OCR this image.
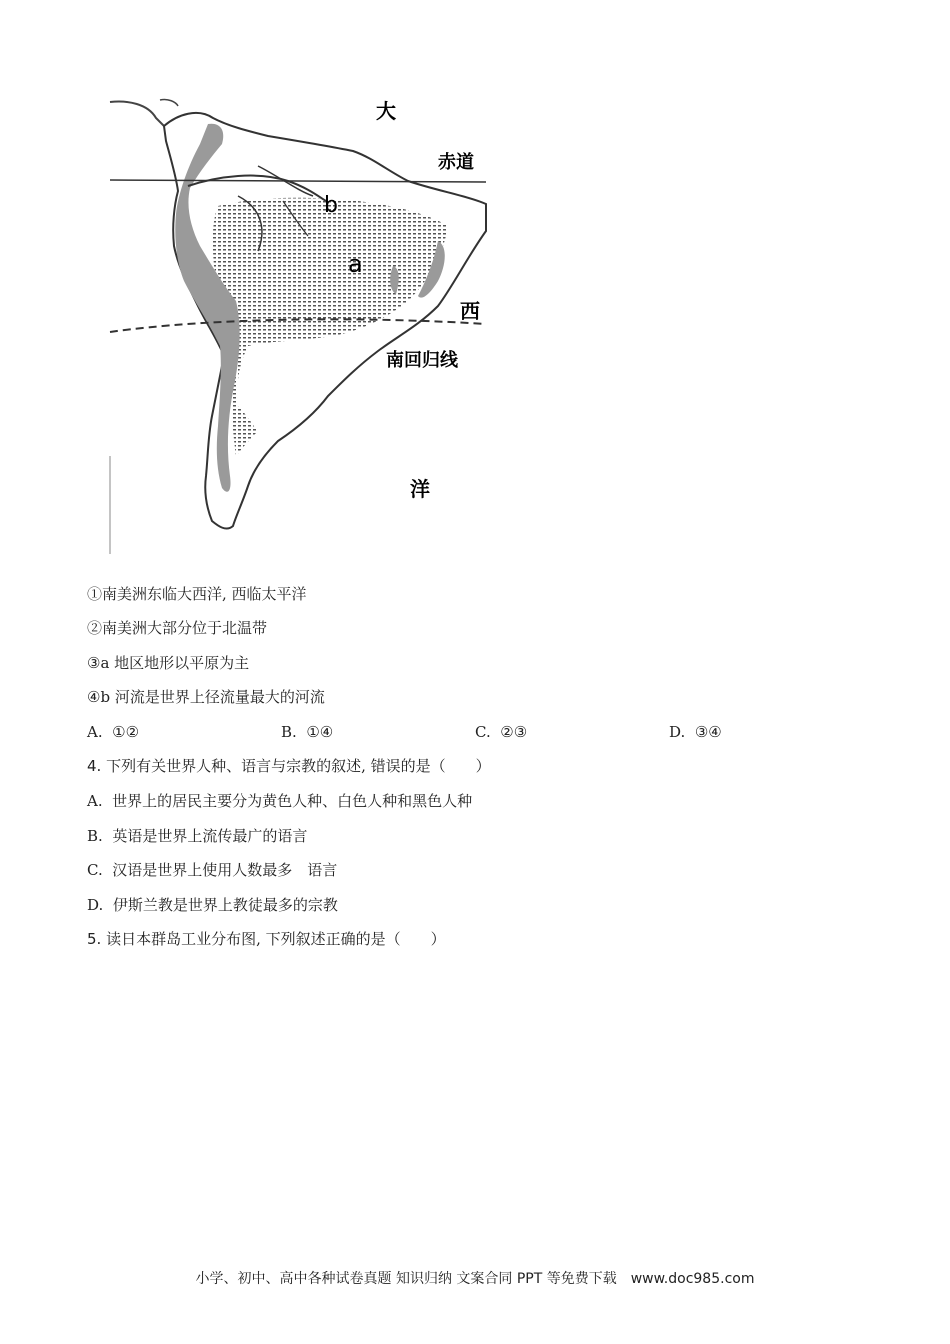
大
赤道
b
a
西
南回归线
洋
①南美洲东临大西洋, 西临太平洋
②南美洲大部分位于北温带
③a 地区地形以平原为主
④b 河流是世界上径流量最大的河流
A. ①②	B. ①④	C. ②③	D. ③④
4. 下列有关世界人种、语言与宗教的叙述, 错误的是（　　）
A. 世界上的居民主要分为黄色人种、白色人种和黑色人种
B. 英语是世界上流传最广的语言
C. 汉语是世界上使用人数最多　语言
D. 伊斯兰教是世界上教徒最多的宗教
5. 读日本群岛工业分布图, 下列叙述正确的是（　　）
小学、初中、高中各种试卷真题 知识归纳 文案合同 PPT 等免费下载　www.doc985.com
